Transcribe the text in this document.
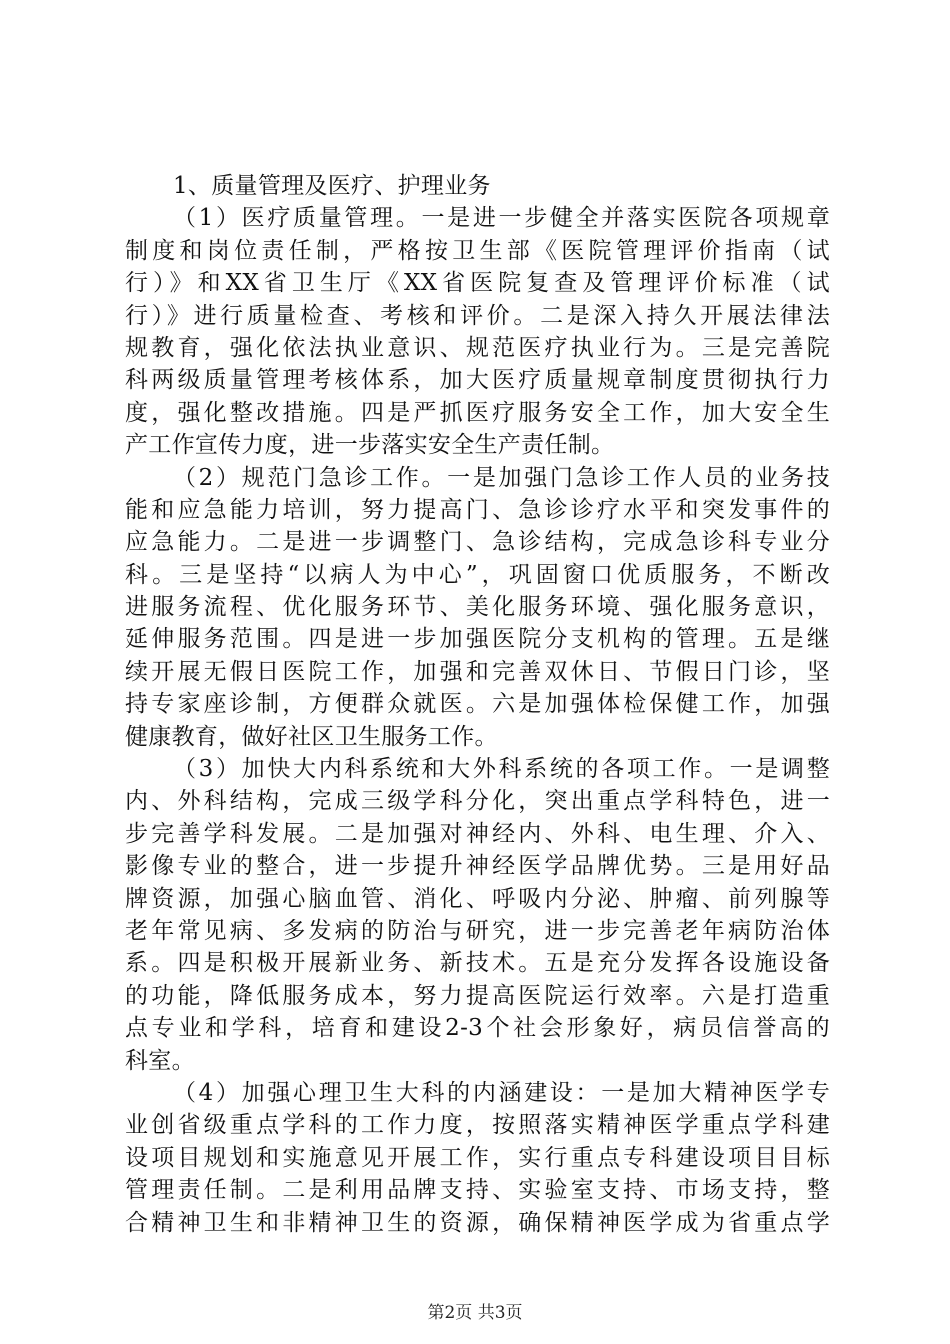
1、质量管理及医疗、护理业务

（1）医疗质量管理。一是进一步健全并落实医院各项规章
制度和岗位责任制，严格按卫生部《医院管理评价指南（试
行）》和XX省卫生厅《XX省医院复查及管理评价标准（试
行）》进行质量检查、考核和评价。二是深入持久开展法律法
规教育，强化依法执业意识、规范医疗执业行为。三是完善院
科两级质量管理考核体系，加大医疗质量规章制度贯彻执行力
度，强化整改措施。四是严抓医疗服务安全工作，加大安全生
产工作宣传力度，进一步落实安全生产责任制。
（2）规范门急诊工作。一是加强门急诊工作人员的业务技
能和应急能力培训，努力提高门、急诊诊疗水平和突发事件的
应急能力。二是进一步调整门、急诊结构，完成急诊科专业分
科。三是坚持“以病人为中心”，巩固窗口优质服务，不断改
进服务流程、优化服务环节、美化服务环境、强化服务意识，
延伸服务范围。四是进一步加强医院分支机构的管理。五是继
续开展无假日医院工作，加强和完善双休日、节假日门诊，坚
持专家座诊制，方便群众就医。六是加强体检保健工作，加强
健康教育，做好社区卫生服务工作。
（3）加快大内科系统和大外科系统的各项工作。一是调整
内、外科结构，完成三级学科分化，突出重点学科特色，进一
步完善学科发展。二是加强对神经内、外科、电生理、介入、
影像专业的整合，进一步提升神经医学品牌优势。三是用好品
牌资源，加强心脑血管、消化、呼吸内分泌、肿瘤、前列腺等
老年常见病、多发病的防治与研究，进一步完善老年病防治体
系。四是积极开展新业务、新技术。五是充分发挥各设施设备
的功能，降低服务成本，努力提高医院运行效率。六是打造重
点专业和学科，培育和建设2-3个社会形象好，病员信誉高的
科室。
（4）加强心理卫生大科的内涵建设：一是加大精神医学专
业创省级重点学科的工作力度，按照落实精神医学重点学科建
设项目规划和实施意见开展工作，实行重点专科建设项目目标
管理责任制。二是利用品牌支持、实验室支持、市场支持，整
合精神卫生和非精神卫生的资源，确保精神医学成为省重点学
第2页 共3页
